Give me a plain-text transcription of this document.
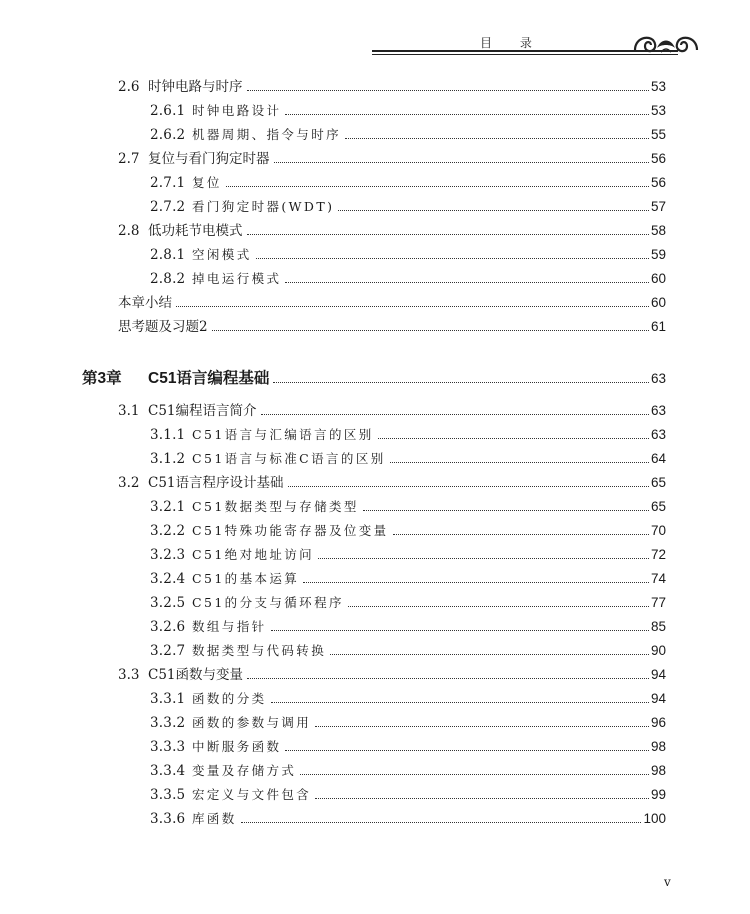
目 录
2.6 时钟电路与时序	53
2.6.1 时钟电路设计	53
2.6.2 机器周期、指令与时序	55
2.7 复位与看门狗定时器	56
2.7.1 复位	56
2.7.2 看门狗定时器(WDT)	57
2.8 低功耗节电模式	58
2.8.1 空闲模式	59
2.8.2 掉电运行模式	60
本章小结	60
思考题及习题2	61
第3章	C51语言编程基础	63
3.1 C51编程语言简介	63
3.1.1 C51语言与汇编语言的区别	63
3.1.2 C51语言与标准C语言的区别	64
3.2 C51语言程序设计基础	65
3.2.1 C51数据类型与存储类型	65
3.2.2 C51特殊功能寄存器及位变量	70
3.2.3 C51绝对地址访问	72
3.2.4 C51的基本运算	74
3.2.5 C51的分支与循环程序	77
3.2.6 数组与指针	85
3.2.7 数据类型与代码转换	90
3.3 C51函数与变量	94
3.3.1 函数的分类	94
3.3.2 函数的参数与调用	96
3.3.3 中断服务函数	98
3.3.4 变量及存储方式	98
3.3.5 宏定义与文件包含	99
3.3.6 库函数	100
v
